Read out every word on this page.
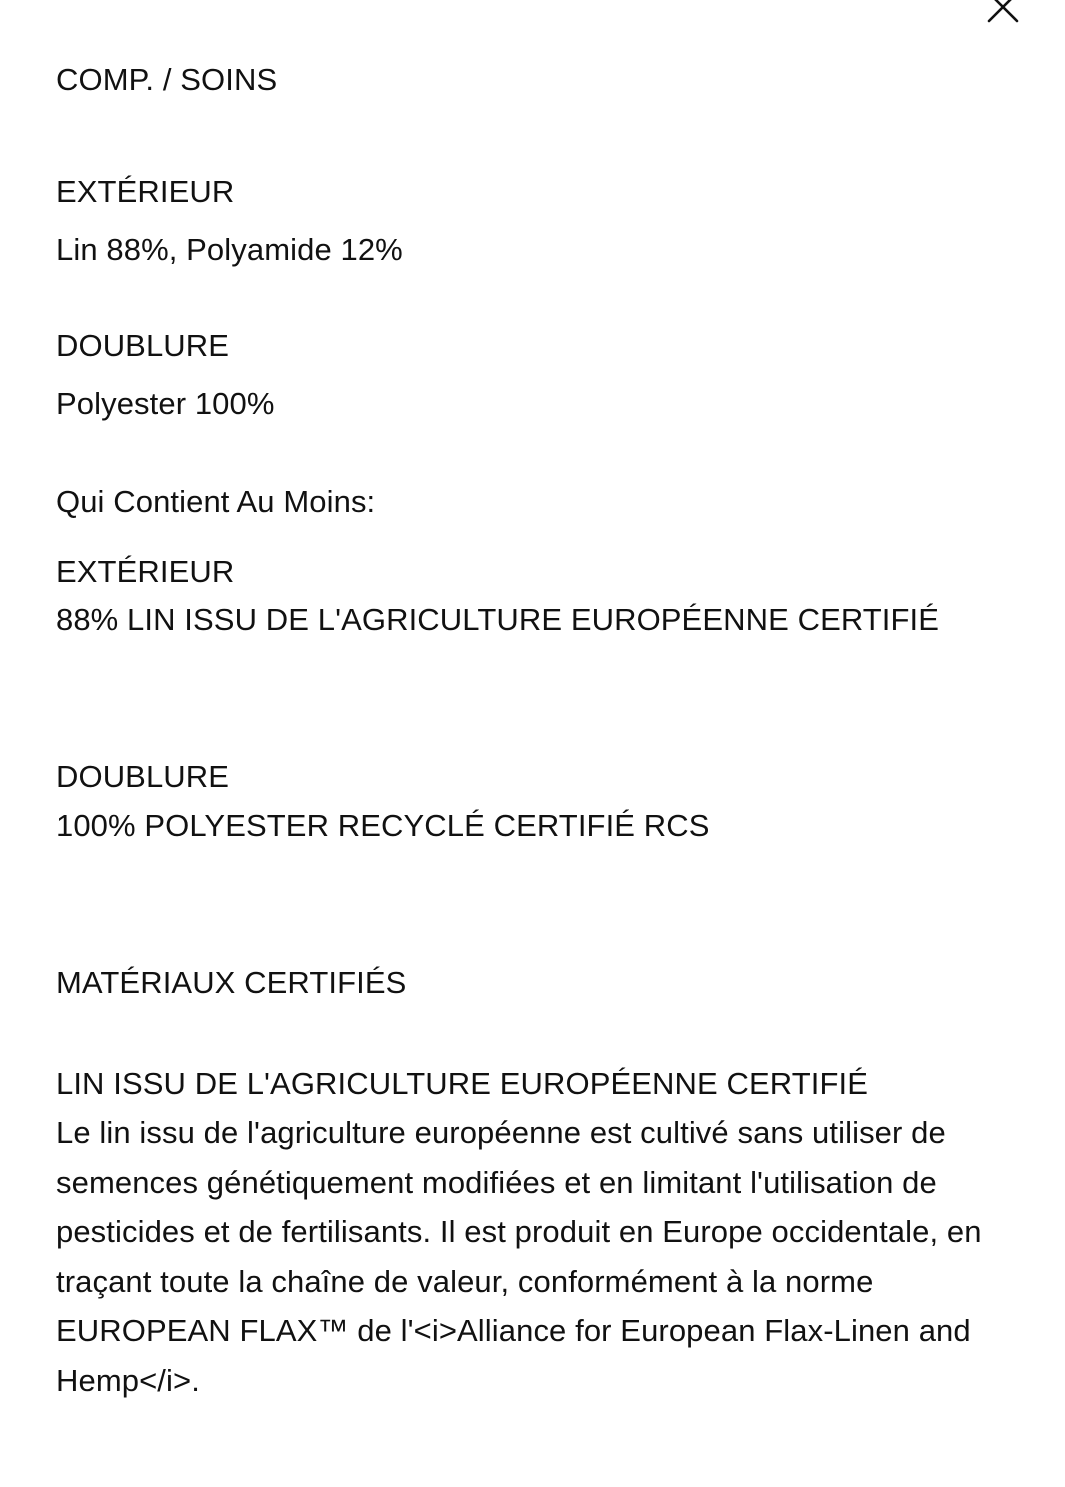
COMP. / SOINS
EXTÉRIEUR
Lin 88%, Polyamide 12%
DOUBLURE
Polyester 100%
Qui Contient Au Moins:
EXTÉRIEUR
88% LIN ISSU DE L'AGRICULTURE EUROPÉENNE CERTIFIÉ
DOUBLURE
100% POLYESTER RECYCLÉ CERTIFIÉ RCS
MATÉRIAUX CERTIFIÉS
LIN ISSU DE L'AGRICULTURE EUROPÉENNE CERTIFIÉ
Le lin issu de l'agriculture européenne est cultivé sans utiliser de semences génétiquement modifiées et en limitant l'utilisation de pesticides et de fertilisants. Il est produit en Europe occidentale, en traçant toute la chaîne de valeur, conformément à la norme EUROPEAN FLAX™ de l'<i>Alliance for European Flax-Linen and Hemp</i>.
